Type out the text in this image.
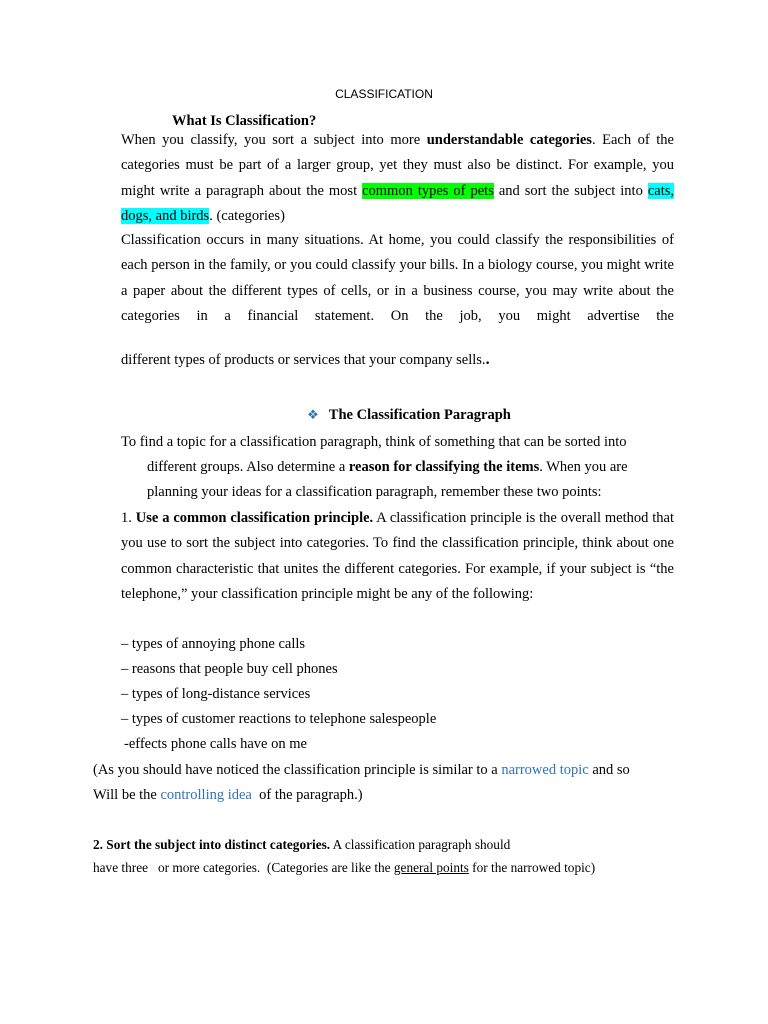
CLASSIFICATION
What Is Classification?
When you classify, you sort a subject into more understandable categories. Each of the categories must be part of a larger group, yet they must also be distinct. For example, you might write a paragraph about the most common types of pets and sort the subject into cats, dogs, and birds. (categories)
Classification occurs in many situations. At home, you could classify the responsibilities of each person in the family, or you could classify your bills. In a biology course, you might write a paper about the different types of cells, or in a business course, you may write about the categories in a financial statement. On the job, you might advertise the
different types of products or services that your company sells..
❖ The Classification Paragraph
To find a topic for a classification paragraph, think of something that can be sorted into
different groups. Also determine a reason for classifying the items. When you are
planning your ideas for a classification paragraph, remember these two points:
1. Use a common classification principle. A classification principle is the overall method that you use to sort the subject into categories. To find the classification principle, think about one common characteristic that unites the different categories. For example, if your subject is “the telephone,” your classification principle might be any of the following:
– types of annoying phone calls
– reasons that people buy cell phones
– types of long-distance services
– types of customer reactions to telephone salespeople
-effects phone calls have on me
(As you should have noticed the classification principle is similar to a narrowed topic and so
Will be the controlling idea  of the paragraph.)
2. Sort the subject into distinct categories. A classification paragraph should
have three   or more categories.  (Categories are like the general points for the narrowed topic)
